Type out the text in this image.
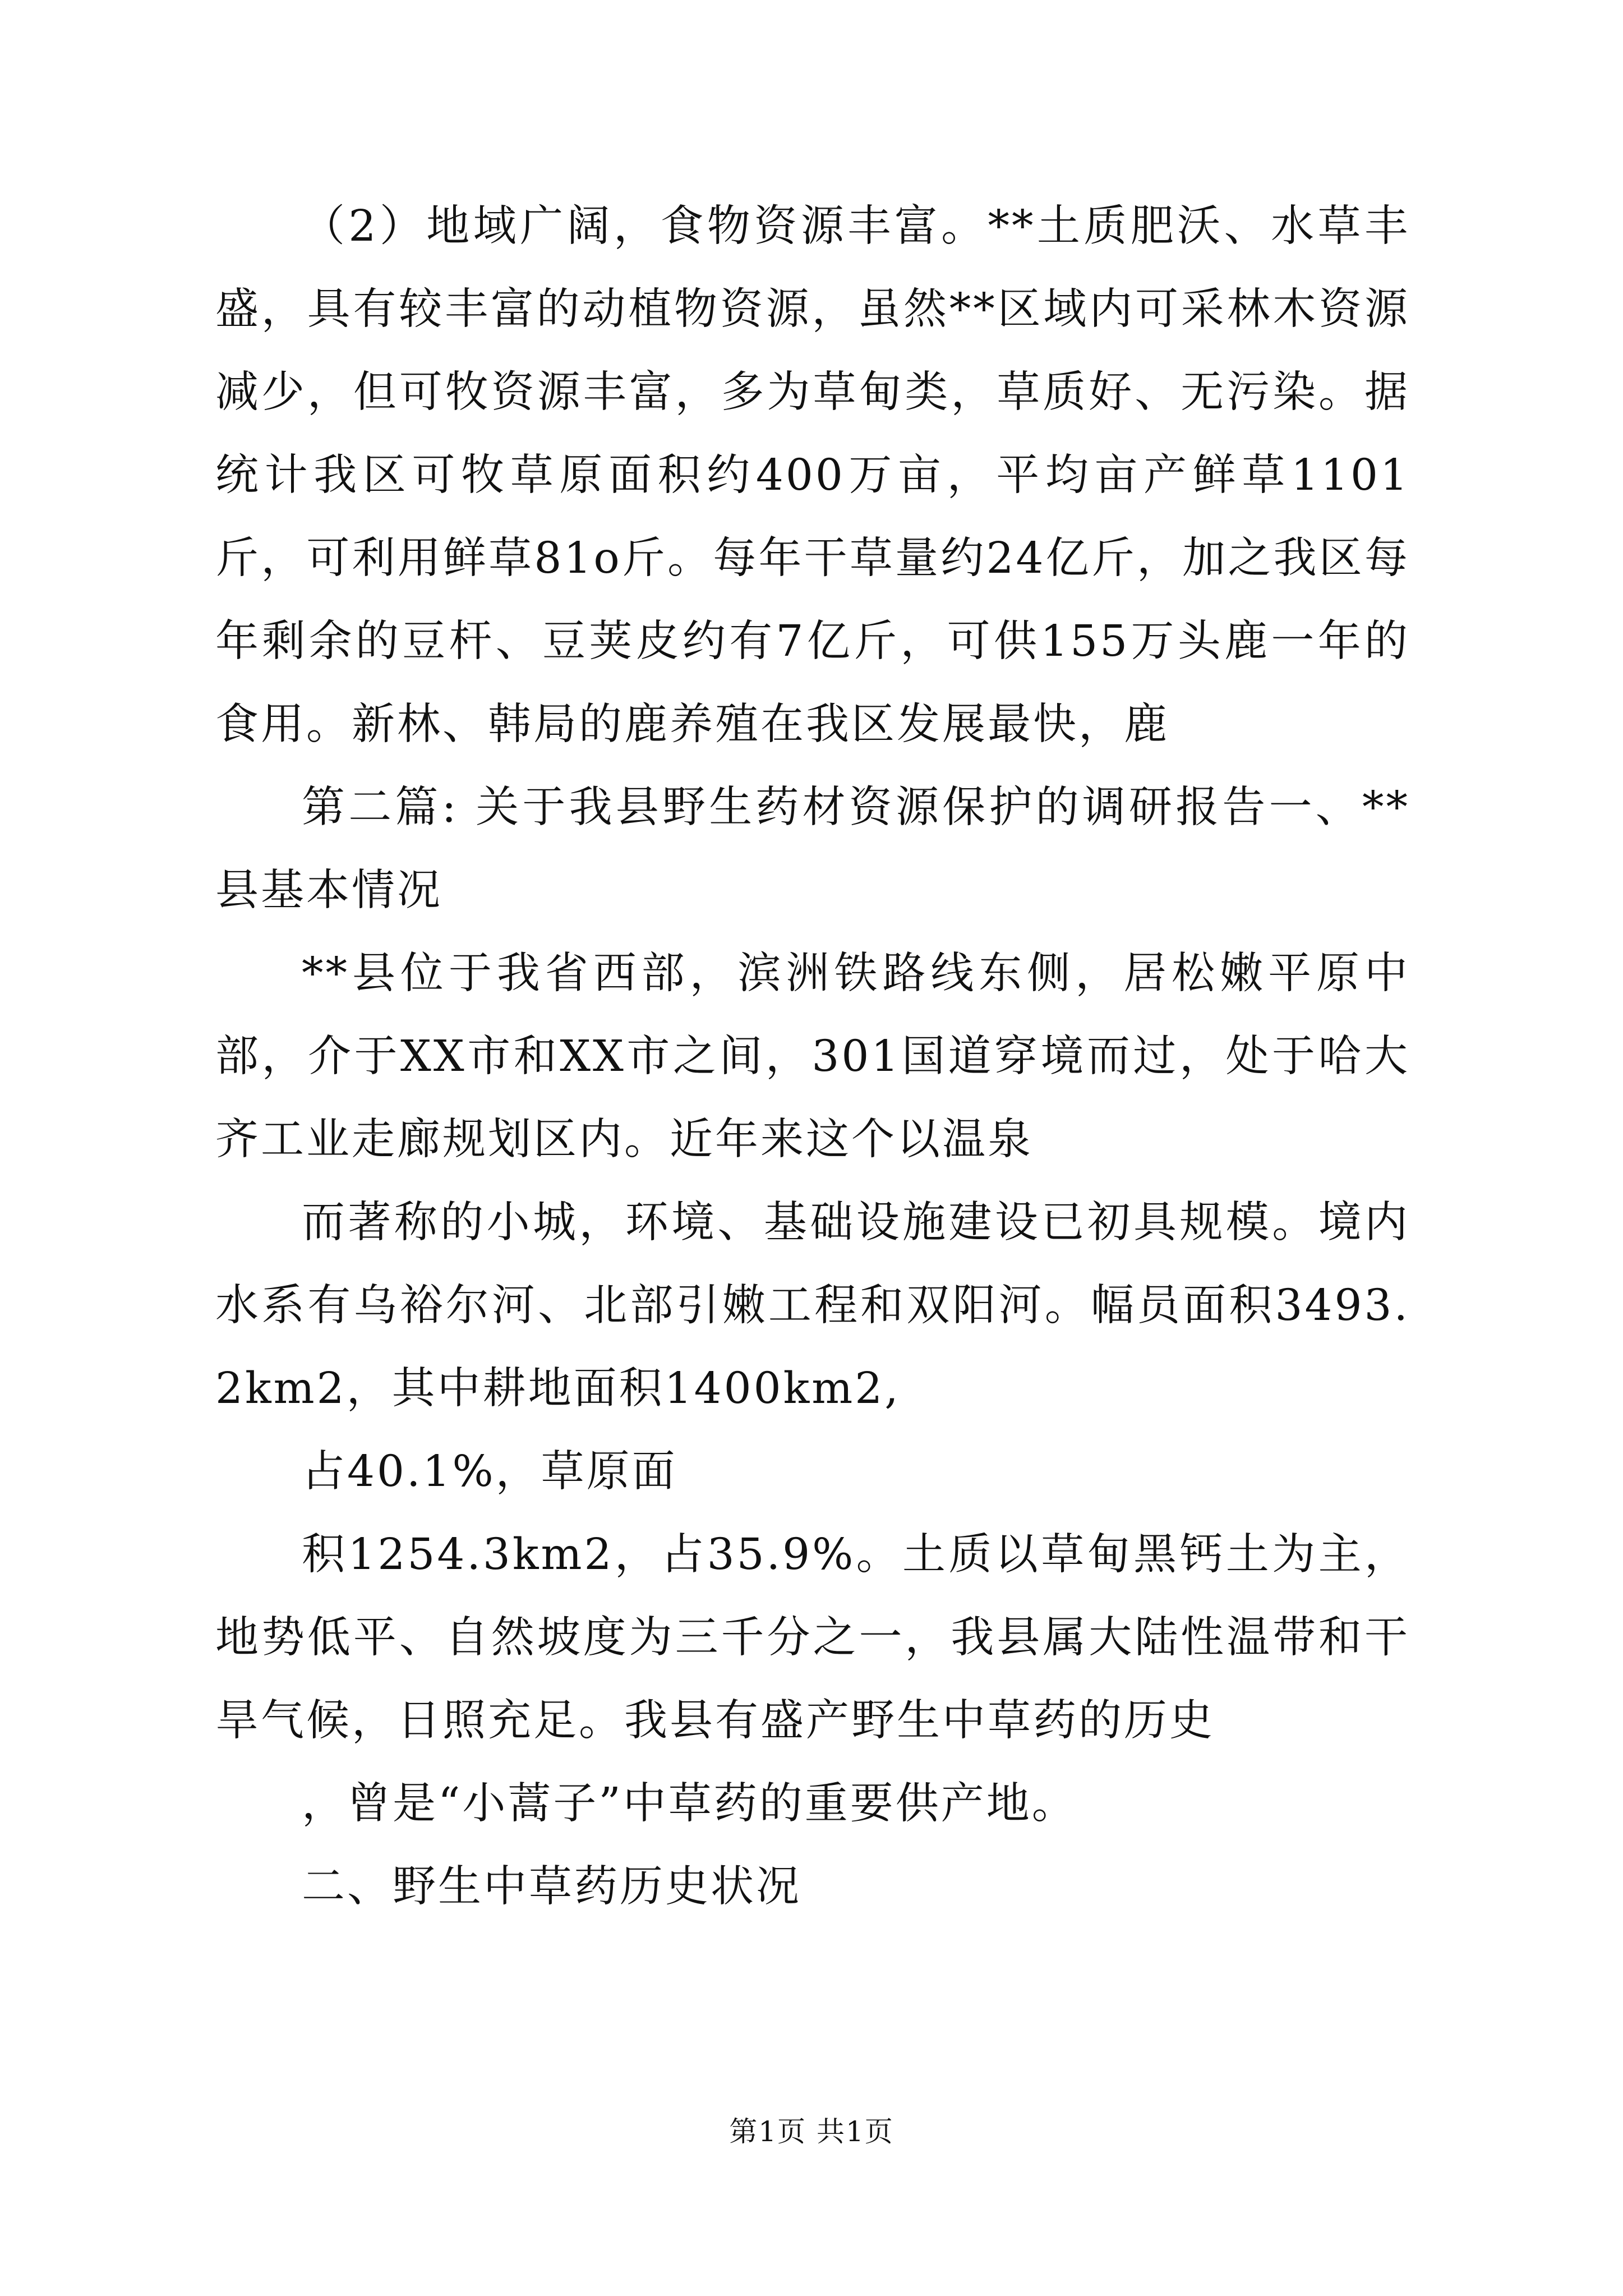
（2）地域广阔，食物资源丰富。**土质肥沃、水草丰盛，具有较丰富的动植物资源，虽然**区域内可采林木资源减少，但可牧资源丰富，多为草甸类，草质好、无污染。据统计我区可牧草原面积约400万亩，平均亩产鲜草1101斤，可利用鲜草81o斤。每年干草量约24亿斤，加之我区每年剩余的豆杆、豆荚皮约有7亿斤，可供155万头鹿一年的食用。新林、韩局的鹿养殖在我区发展最快，鹿

第二篇: 关于我县野生药材资源保护的调研报告一、**县基本情况

**县位于我省西部，滨洲铁路线东侧，居松嫩平原中部，介于XX市和XX市之间，301国道穿境而过，处于哈大齐工业走廊规划区内。近年来这个以温泉

而著称的小城，环境、基础设施建设已初具规模。境内水系有乌裕尔河、北部引嫩工程和双阳河。幅员面积3493.2km2，其中耕地面积1400km2,

占40.1%，草原面

积1254.3km2，占35.9%。土质以草甸黑钙土为主，地势低平、自然坡度为三千分之一，我县属大陆性温带和干旱气候，日照充足。我县有盛产野生中草药的历史

，曾是“小蒿子”中草药的重要供产地。

二、野生中草药历史状况

第1页 共1页
